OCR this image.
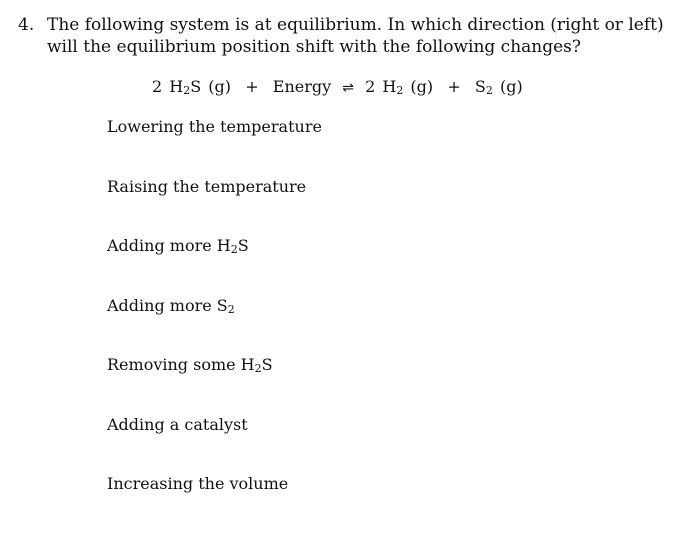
4. The following system is at equilibrium. In which direction (right or left) will the equilibrium position shift with the following changes?
2 $H_2S$ (g) + Energy ⇌ 2 $H_2$ $(g) + S_2$ (g)
Lowering the temperature
Raising the temperature
Adding more $H_2S$
Adding more $S_2$
Removing some $H_2S$
Adding a catalyst
Increasing the volume
